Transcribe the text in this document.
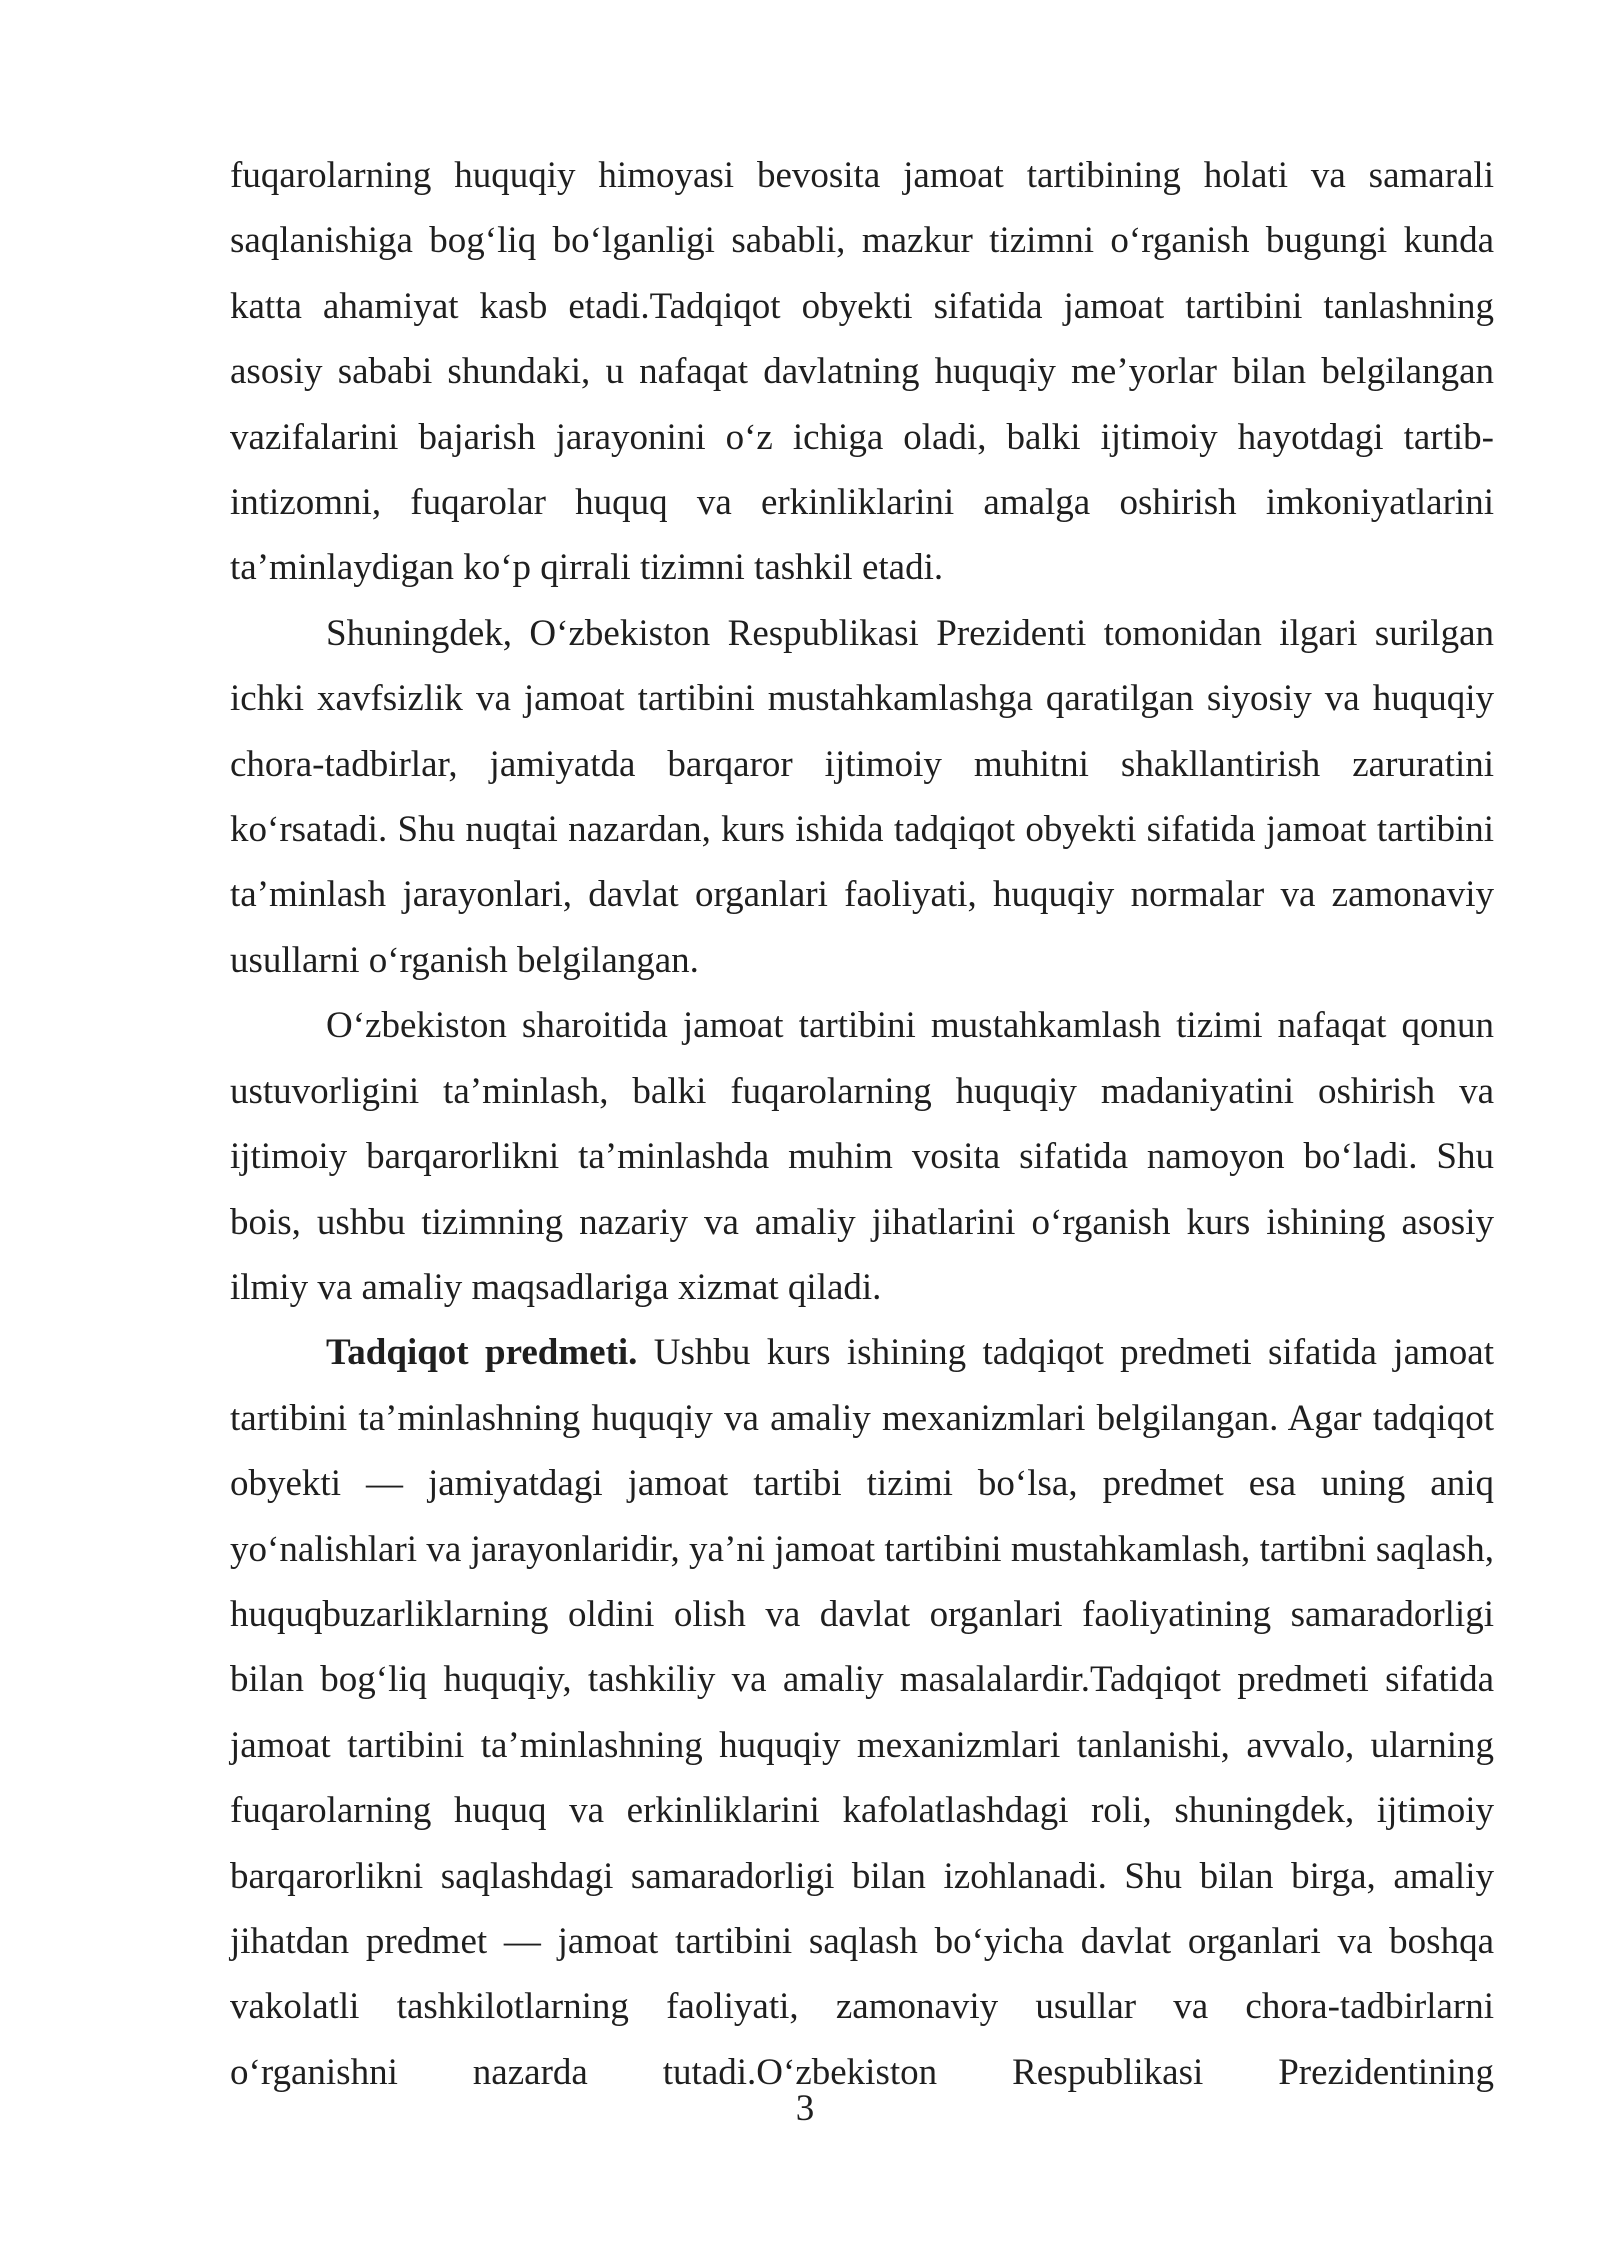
fuqarolarning huquqiy himoyasi bevosita jamoat tartibining holati va samarali saqlanishiga bog‘liq bo‘lganligi sababli, mazkur tizimni o‘rganish bugungi kunda katta ahamiyat kasb etadi.Tadqiqot obyekti sifatida jamoat tartibini tanlashning asosiy sababi shundaki, u nafaqat davlatning huquqiy me’yorlar bilan belgilangan vazifalarini bajarish jarayonini o‘z ichiga oladi, balki ijtimoiy hayotdagi tartib-intizomni, fuqarolar huquq va erkinliklarini amalga oshirish imkoniyatlarini ta’minlaydigan ko‘p qirrali tizimni tashkil etadi.

Shuningdek, O‘zbekiston Respublikasi Prezidenti tomonidan ilgari surilgan ichki xavfsizlik va jamoat tartibini mustahkamlashga qaratilgan siyosiy va huquqiy chora-tadbirlar, jamiyatda barqaror ijtimoiy muhitni shakllantirish zaruratini ko‘rsatadi. Shu nuqtai nazardan, kurs ishida tadqiqot obyekti sifatida jamoat tartibini ta’minlash jarayonlari, davlat organlari faoliyati, huquqiy normalar va zamonaviy usullarni o‘rganish belgilangan.

O‘zbekiston sharoitida jamoat tartibini mustahkamlash tizimi nafaqat qonun ustuvorligini ta’minlash, balki fuqarolarning huquqiy madaniyatini oshirish va ijtimoiy barqarorlikni ta’minlashda muhim vosita sifatida namoyon bo‘ladi. Shu bois, ushbu tizimning nazariy va amaliy jihatlarini o‘rganish kurs ishining asosiy ilmiy va amaliy maqsadlariga xizmat qiladi.

Tadqiqot predmeti. Ushbu kurs ishining tadqiqot predmeti sifatida jamoat tartibini ta’minlashning huquqiy va amaliy mexanizmlari belgilangan. Agar tadqiqot obyekti — jamiyatdagi jamoat tartibi tizimi bo‘lsa, predmet esa uning aniq yo‘nalishlari va jarayonlaridir, ya’ni jamoat tartibini mustahkamlash, tartibni saqlash, huquqbuzarliklarning oldini olish va davlat organlari faoliyatining samaradorligi bilan bog‘liq huquqiy, tashkiliy va amaliy masalalardir.Tadqiqot predmeti sifatida jamoat tartibini ta’minlashning huquqiy mexanizmlari tanlanishi, avvalo, ularning fuqarolarning huquq va erkinliklarini kafolatlashdagi roli, shuningdek, ijtimoiy barqarorlikni saqlashdagi samaradorligi bilan izohlanadi. Shu bilan birga, amaliy jihatdan predmet — jamoat tartibini saqlash bo‘yicha davlat organlari va boshqa vakolatli tashkilotlarning faoliyati, zamonaviy usullar va chora-tadbirlarni o‘rganishni nazarda tutadi.O‘zbekiston Respublikasi Prezidentining

3
